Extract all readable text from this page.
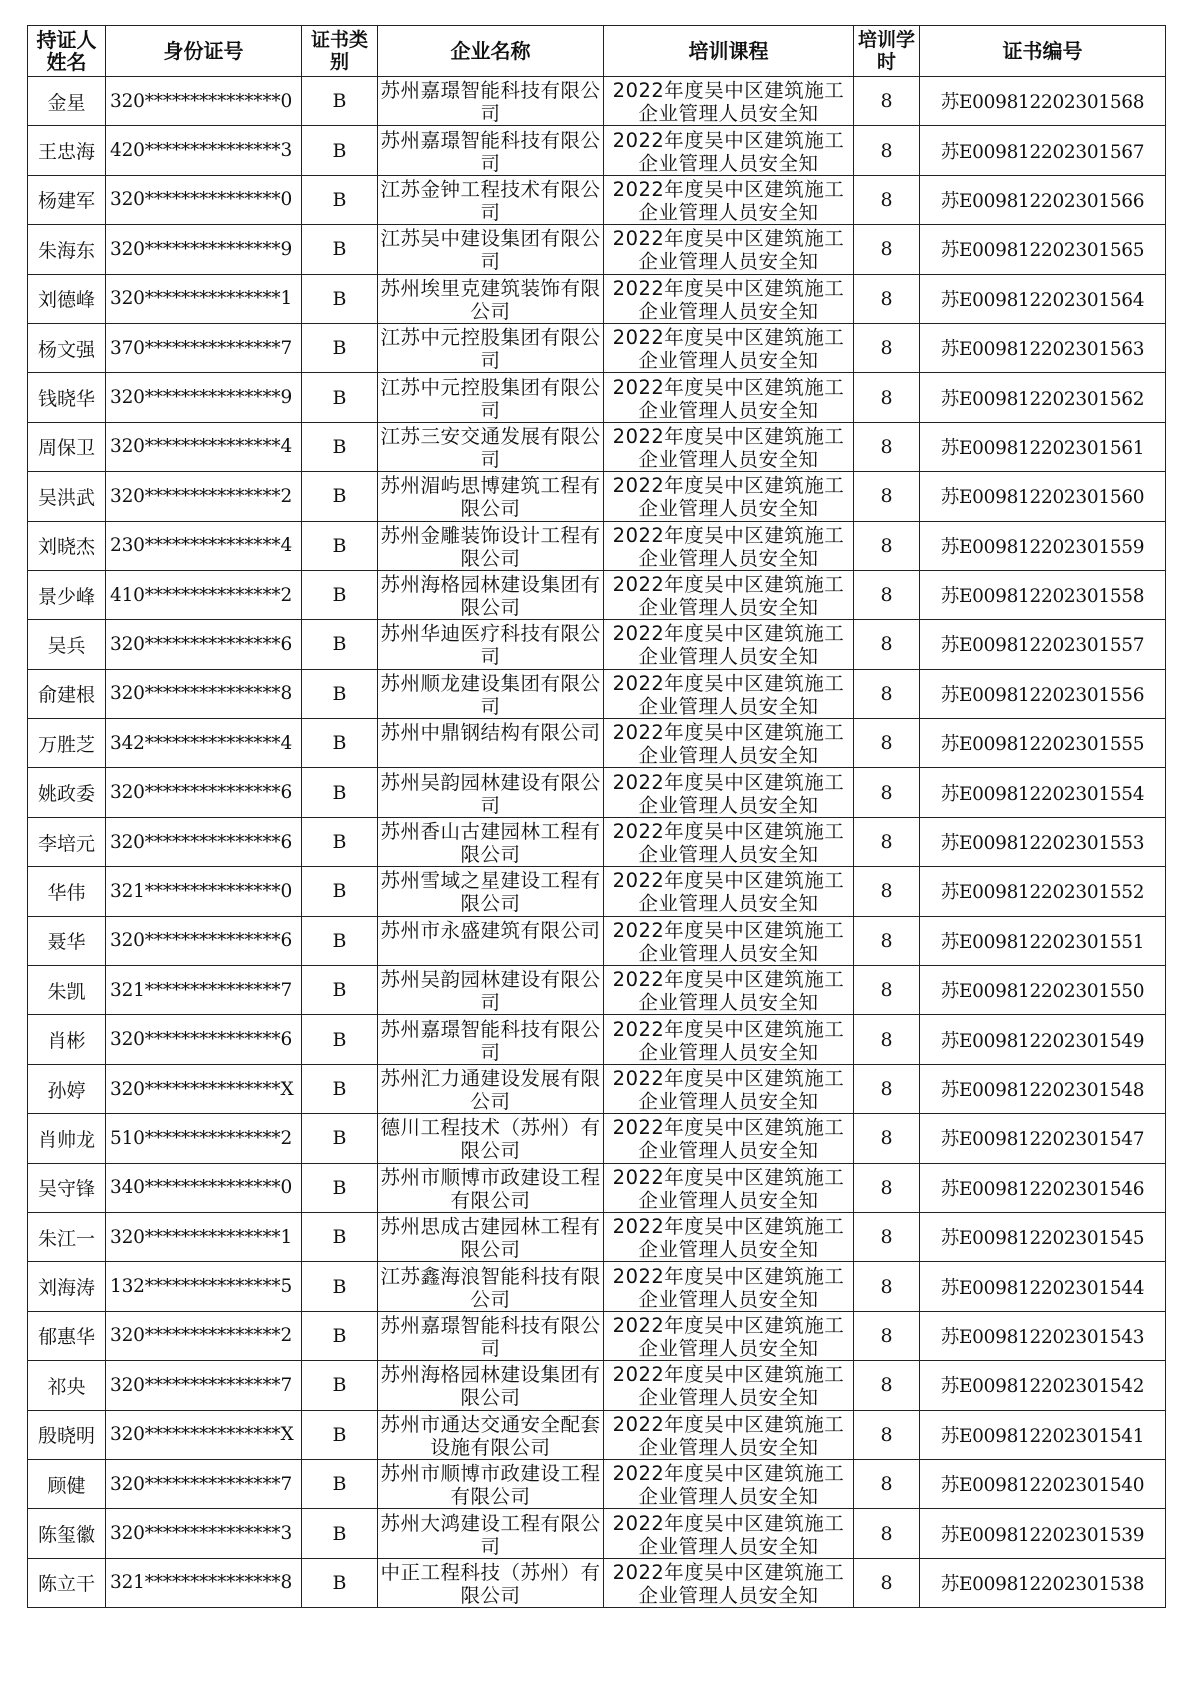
持证人姓名	身份证号	证书类别	企业名称	培训课程	培训学时	证书编号
金星	320***************0	B	苏州嘉璟智能科技有限公司	2022年度吴中区建筑施工企业管理人员安全知	8	苏E009812202301568
王忠海	420***************3	B	苏州嘉璟智能科技有限公司	2022年度吴中区建筑施工企业管理人员安全知	8	苏E009812202301567
杨建军	320***************0	B	江苏金钟工程技术有限公司	2022年度吴中区建筑施工企业管理人员安全知	8	苏E009812202301566
朱海东	320***************9	B	江苏吴中建设集团有限公司	2022年度吴中区建筑施工企业管理人员安全知	8	苏E009812202301565
刘德峰	320***************1	B	苏州埃里克建筑装饰有限公司	2022年度吴中区建筑施工企业管理人员安全知	8	苏E009812202301564
杨文强	370***************7	B	江苏中元控股集团有限公司	2022年度吴中区建筑施工企业管理人员安全知	8	苏E009812202301563
钱晓华	320***************9	B	江苏中元控股集团有限公司	2022年度吴中区建筑施工企业管理人员安全知	8	苏E009812202301562
周保卫	320***************4	B	江苏三安交通发展有限公司	2022年度吴中区建筑施工企业管理人员安全知	8	苏E009812202301561
吴洪武	320***************2	B	苏州湄屿思博建筑工程有限公司	2022年度吴中区建筑施工企业管理人员安全知	8	苏E009812202301560
刘晓杰	230***************4	B	苏州金雕装饰设计工程有限公司	2022年度吴中区建筑施工企业管理人员安全知	8	苏E009812202301559
景少峰	410***************2	B	苏州海格园林建设集团有限公司	2022年度吴中区建筑施工企业管理人员安全知	8	苏E009812202301558
吴兵	320***************6	B	苏州华迪医疗科技有限公司	2022年度吴中区建筑施工企业管理人员安全知	8	苏E009812202301557
俞建根	320***************8	B	苏州顺龙建设集团有限公司	2022年度吴中区建筑施工企业管理人员安全知	8	苏E009812202301556
万胜芝	342***************4	B	苏州中鼎钢结构有限公司	2022年度吴中区建筑施工企业管理人员安全知	8	苏E009812202301555
姚政委	320***************6	B	苏州吴韵园林建设有限公司	2022年度吴中区建筑施工企业管理人员安全知	8	苏E009812202301554
李培元	320***************6	B	苏州香山古建园林工程有限公司	2022年度吴中区建筑施工企业管理人员安全知	8	苏E009812202301553
华伟	321***************0	B	苏州雪域之星建设工程有限公司	2022年度吴中区建筑施工企业管理人员安全知	8	苏E009812202301552
聂华	320***************6	B	苏州市永盛建筑有限公司	2022年度吴中区建筑施工企业管理人员安全知	8	苏E009812202301551
朱凯	321***************7	B	苏州吴韵园林建设有限公司	2022年度吴中区建筑施工企业管理人员安全知	8	苏E009812202301550
肖彬	320***************6	B	苏州嘉璟智能科技有限公司	2022年度吴中区建筑施工企业管理人员安全知	8	苏E009812202301549
孙婷	320***************X	B	苏州汇力通建设发展有限公司	2022年度吴中区建筑施工企业管理人员安全知	8	苏E009812202301548
肖帅龙	510***************2	B	德川工程技术（苏州）有限公司	2022年度吴中区建筑施工企业管理人员安全知	8	苏E009812202301547
吴守锋	340***************0	B	苏州市顺博市政建设工程有限公司	2022年度吴中区建筑施工企业管理人员安全知	8	苏E009812202301546
朱江一	320***************1	B	苏州思成古建园林工程有限公司	2022年度吴中区建筑施工企业管理人员安全知	8	苏E009812202301545
刘海涛	132***************5	B	江苏鑫海浪智能科技有限公司	2022年度吴中区建筑施工企业管理人员安全知	8	苏E009812202301544
郁惠华	320***************2	B	苏州嘉璟智能科技有限公司	2022年度吴中区建筑施工企业管理人员安全知	8	苏E009812202301543
祁央	320***************7	B	苏州海格园林建设集团有限公司	2022年度吴中区建筑施工企业管理人员安全知	8	苏E009812202301542
殷晓明	320***************X	B	苏州市通达交通安全配套设施有限公司	2022年度吴中区建筑施工企业管理人员安全知	8	苏E009812202301541
顾健	320***************7	B	苏州市顺博市政建设工程有限公司	2022年度吴中区建筑施工企业管理人员安全知	8	苏E009812202301540
陈玺徽	320***************3	B	苏州大鸿建设工程有限公司	2022年度吴中区建筑施工企业管理人员安全知	8	苏E009812202301539
陈立干	321***************8	B	中正工程科技（苏州）有限公司	2022年度吴中区建筑施工企业管理人员安全知	8	苏E009812202301538
